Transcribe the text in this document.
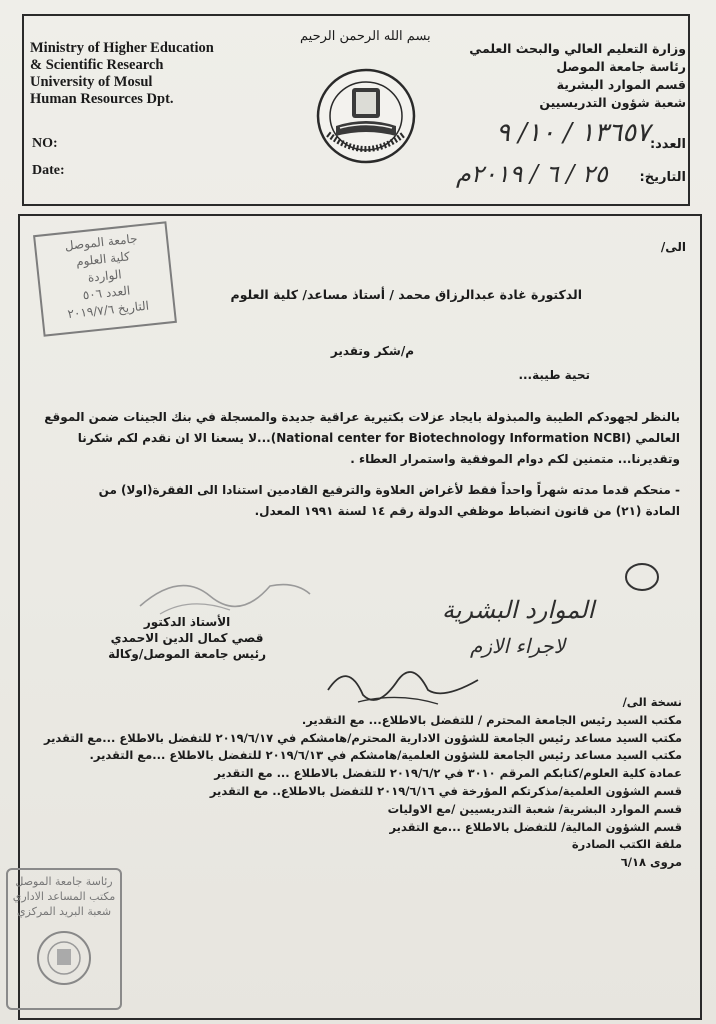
Ministry of Higher Education
& Scientific Research
University of Mosul
Human Resources Dpt.
NO:
Date:
بسم الله الرحمن الرحيم
وزارة التعليم العالي والبحث العلمي
رئاسة جامعة الموصل
قسم الموارد البشرية
شعبة شؤون التدريسيين
العدد:
التاريخ:
١٣٦٥٧ / ١٠/ ٩
٢٥ / ٦ / ٢٠١٩م
جامعة الموصل
كلية العلوم
الواردة
العدد ٥٠٦
التاريخ ٢٠١٩/٧/٦
الى/
الدكتورة غادة عبدالرزاق محمد / أستاذ مساعد/ كلية العلوم
م/شكر وتقدير
تحية طيبة...
بالنظر لجهودكم الطيبة والمبذولة بايجاد عزلات بكتيرية عراقية جديدة والمسجلة في بنك الجينات ضمن الموقع
العالمي (National center for Biotechnology Information NCBI)...لا يسعنا الا ان نقدم لكم شكرنا
وتقديرنا... متمنين لكم دوام الموفقية واستمرار العطاء .
- منحكم قدما مدته شهراً واحداً فقط لأغراض العلاوة والترفيع القادمين استنادا الى الفقرة(اولا) من
المادة (٢١) من قانون انضباط موظفي الدولة رقم ١٤ لسنة ١٩٩١ المعدل.
الأستاذ الدكتور
قصي كمال الدين الاحمدي
رئيس جامعة الموصل/وكالة
الموارد البشرية
لاجراء الازم
نسخة الى/
مكتب السيد رئيس الجامعة المحترم / للتفضل بالاطلاع... مع التقدير.
مكتب السيد مساعد رئيس الجامعة للشؤون الادارية المحترم/هامشكم في ٢٠١٩/٦/١٧ للتفضل بالاطلاع ...مع التقدير
مكتب السيد مساعد رئيس الجامعة للشؤون العلمية/هامشكم في ٢٠١٩/٦/١٣ للتفضل بالاطلاع ...مع التقدير.
عمادة كلية العلوم/كتابكم المرقم ٣٠١٠ في ٢٠١٩/٦/٢ للتفضل بالاطلاع ... مع التقدير
قسم الشؤون العلمية/مذكرتكم المؤرخة في ٢٠١٩/٦/١٦ للتفضل بالاطلاع.. مع التقدير
قسم الموارد البشرية/ شعبة التدريسيين /مع الاوليات
قسم الشؤون المالية/ للتفضل بالاطلاع ...مع التقدير
ملفة الكتب الصادرة
مروى ٦/١٨
رئاسة جامعة الموصل
مكتب المساعد الاداري
شعبة البريد المركزي
